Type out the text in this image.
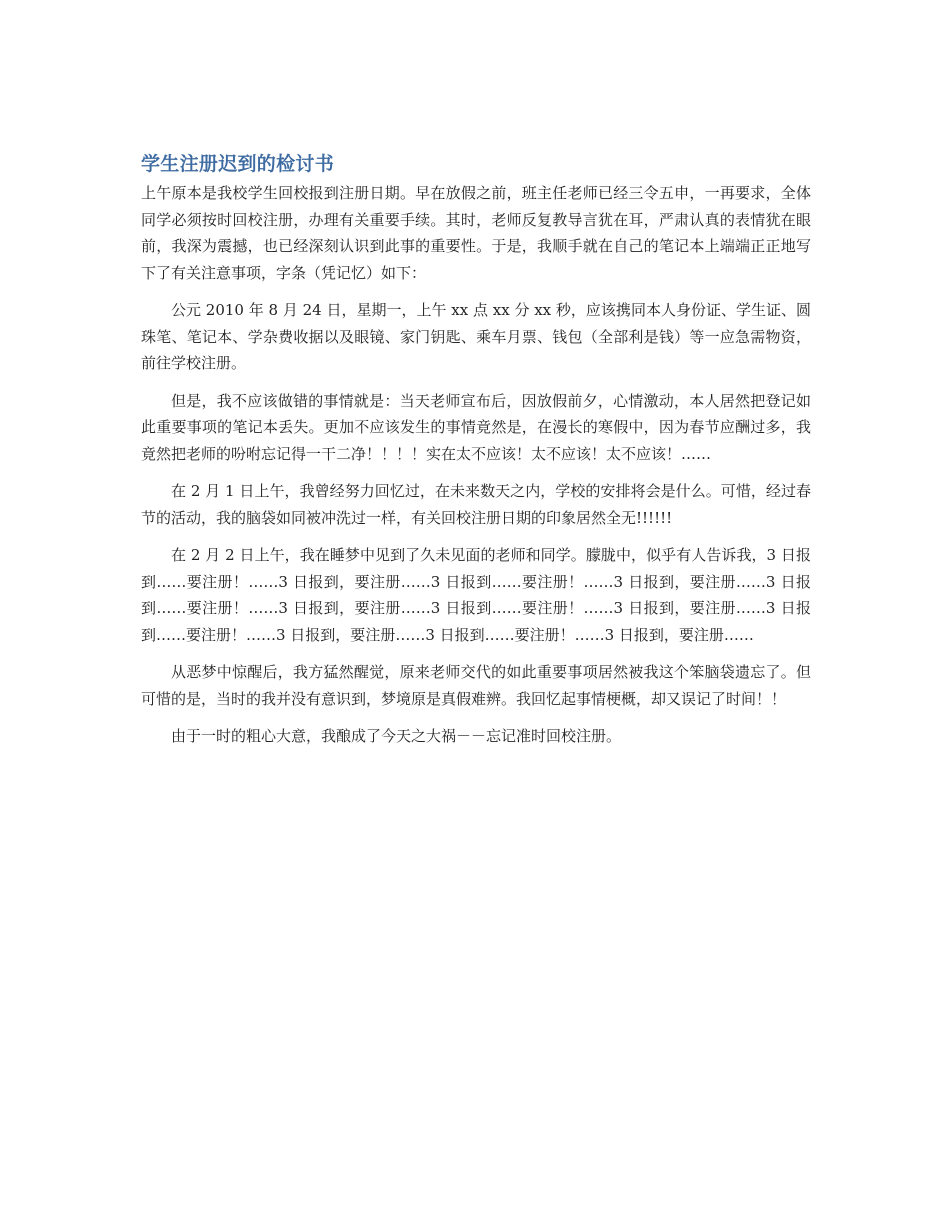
学生注册迟到的检讨书

上午原本是我校学生回校报到注册日期。早在放假之前，班主任老师已经三令五申，一再要求，全体同学必须按时回校注册，办理有关重要手续。其时，老师反复教导言犹在耳，严肃认真的表情犹在眼前，我深为震撼，也已经深刻认识到此事的重要性。于是，我顺手就在自己的笔记本上端端正正地写下了有关注意事项，字条（凭记忆）如下：

公元 2010 年 8 月 24 日，星期一，上午 xx 点 xx 分 xx 秒，应该携同本人身份证、学生证、圆珠笔、笔记本、学杂费收据以及眼镜、家门钥匙、乘车月票、钱包（全部利是钱）等一应急需物资，前往学校注册。

但是，我不应该做错的事情就是：当天老师宣布后，因放假前夕，心情激动，本人居然把登记如此重要事项的笔记本丢失。更加不应该发生的事情竟然是，在漫长的寒假中，因为春节应酬过多，我竟然把老师的吩咐忘记得一干二净！！！！实在太不应该！太不应该！太不应该！……

在 2 月 1 日上午，我曾经努力回忆过，在未来数天之内，学校的安排将会是什么。可惜，经过春节的活动，我的脑袋如同被冲洗过一样，有关回校注册日期的印象居然全无!!!!!!

在 2 月 2 日上午，我在睡梦中见到了久未见面的老师和同学。朦胧中，似乎有人告诉我，3 日报到……要注册！……3 日报到，要注册……3 日报到……要注册！……3 日报到，要注册……3 日报到……要注册！……3 日报到，要注册……3 日报到……要注册！……3 日报到，要注册……3 日报到……要注册！……3 日报到，要注册……3 日报到……要注册！……3 日报到，要注册……

从恶梦中惊醒后，我方猛然醒觉，原来老师交代的如此重要事项居然被我这个笨脑袋遗忘了。但可惜的是，当时的我并没有意识到，梦境原是真假难辨。我回忆起事情梗概，却又误记了时间！！

由于一时的粗心大意，我酿成了今天之大祸－－忘记准时回校注册。
